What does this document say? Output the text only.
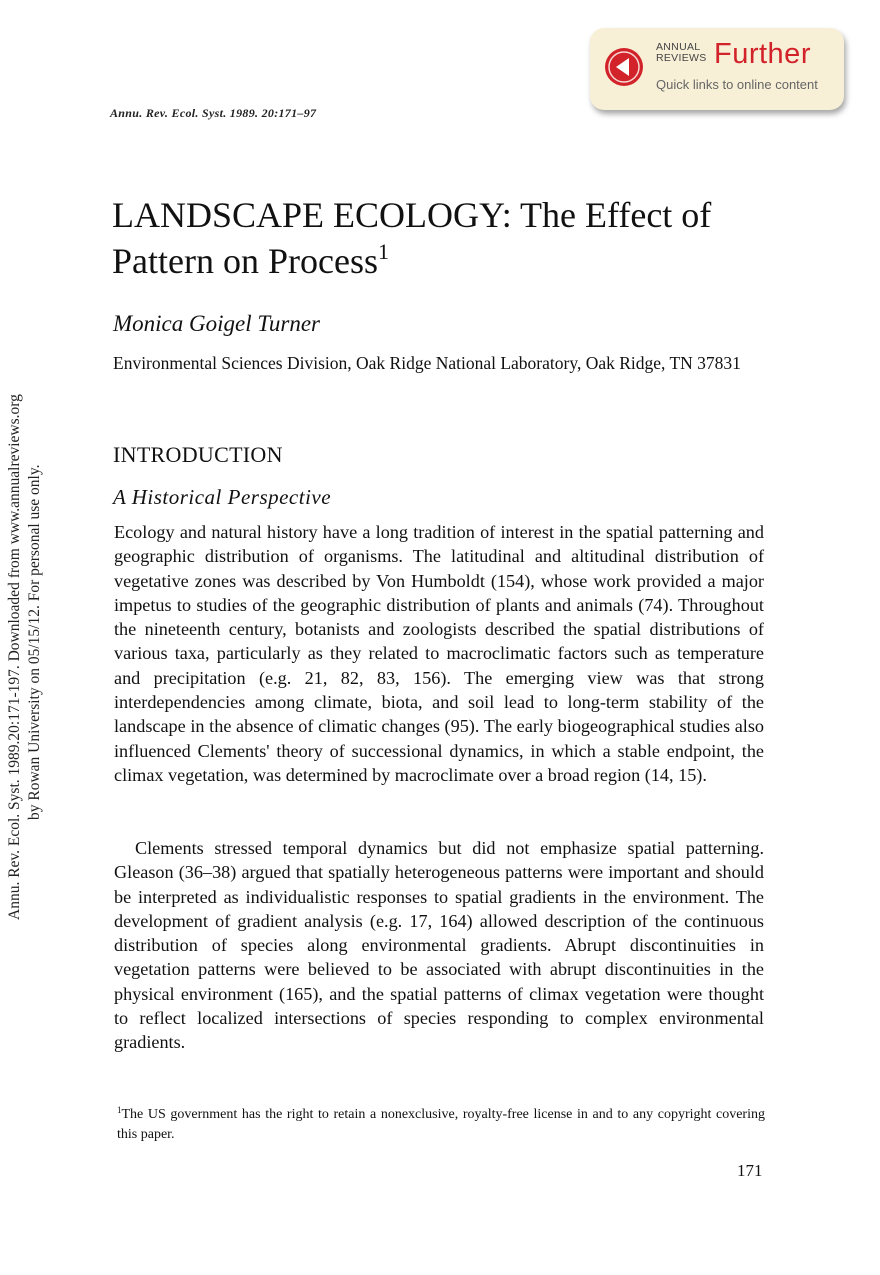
Annu. Rev. Ecol. Syst. 1989.20:171-197. Downloaded from www.annualreviews.org by Rowan University on 05/15/12. For personal use only.
ANNUAL
REVIEWS Further
Quick links to online content
Annu. Rev. Ecol. Syst. 1989. 20:171–97
LANDSCAPE ECOLOGY: The Effect of Pattern on Process$^1$
Monica Goigel Turner
Environmental Sciences Division, Oak Ridge National Laboratory, Oak Ridge, TN 37831
INTRODUCTION
A Historical Perspective

Ecology and natural history have a long tradition of interest in the spatial patterning and geographic distribution of organisms. The latitudinal and altitudinal distribution of vegetative zones was described by Von Humboldt (154), whose work provided a major impetus to studies of the geographic distribution of plants and animals (74). Throughout the nineteenth century, botanists and zoologists described the spatial distributions of various taxa, particularly as they related to macroclimatic factors such as temperature and precipitation (e.g. 21, 82, 83, 156). The emerging view was that strong interdependencies among climate, biota, and soil lead to long-term stability of the landscape in the absence of climatic changes (95). The early biogeographical studies also influenced Clements' theory of successional dynamics, in which a stable endpoint, the climax vegetation, was determined by macroclimate over a broad region (14, 15).

Clements stressed temporal dynamics but did not emphasize spatial patterning. Gleason (36–38) argued that spatially heterogeneous patterns were important and should be interpreted as individualistic responses to spatial gradients in the environment. The development of gradient analysis (e.g. 17, 164) allowed description of the continuous distribution of species along environmental gradients. Abrupt discontinuities in vegetation patterns were believed to be associated with abrupt discontinuities in the physical environment (165), and the spatial patterns of climax vegetation were thought to reflect localized intersections of species responding to complex environmental gradients.

$^1$The US government has the right to retain a nonexclusive, royalty-free license in and to any copyright covering this paper.
171
